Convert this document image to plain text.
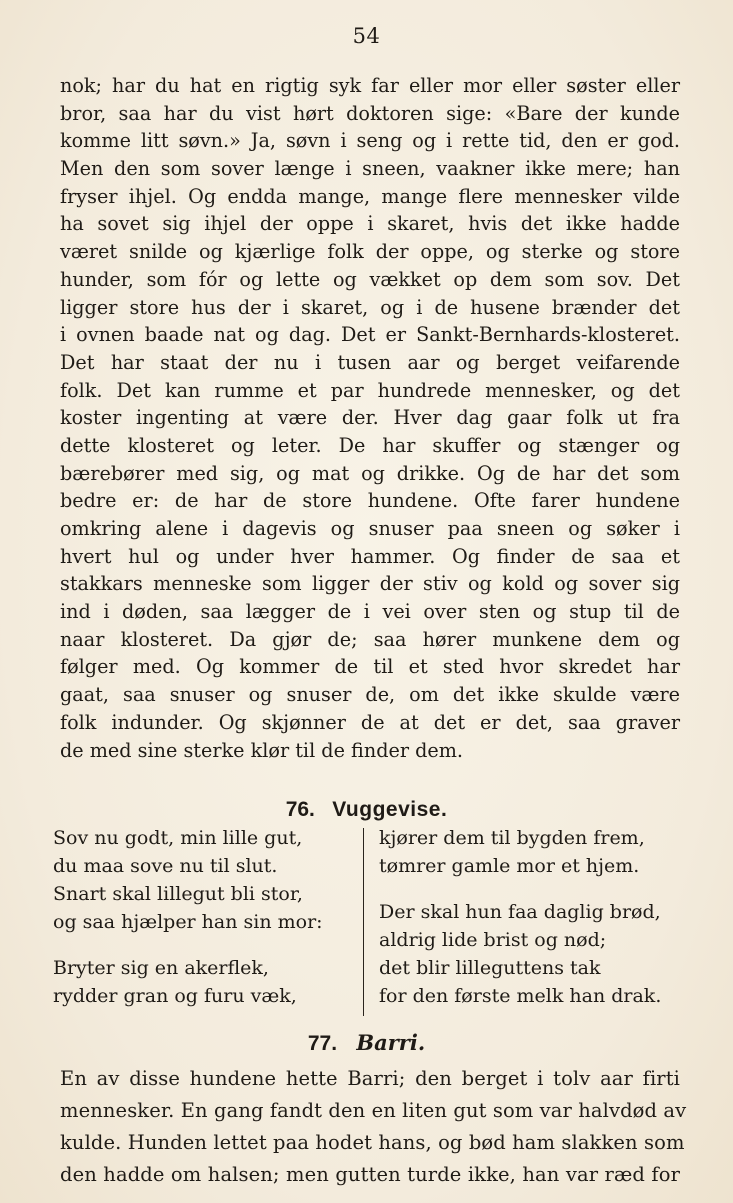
54
nok; har du hat en rigtig syk far eller mor eller søster eller
bror, saa har du vist hørt doktoren sige: «Bare der kunde
komme litt søvn.» Ja, søvn i seng og i rette tid, den er god.
Men den som sover længe i sneen, vaakner ikke mere; han
fryser ihjel. Og endda mange, mange flere mennesker vilde
ha sovet sig ihjel der oppe i skaret, hvis det ikke hadde
været snilde og kjærlige folk der oppe, og sterke og store
hunder, som fór og lette og vækket op dem som sov. Det
ligger store hus der i skaret, og i de husene brænder det
i ovnen baade nat og dag. Det er Sankt-Bernhards-klosteret.
Det har staat der nu i tusen aar og berget veifarende
folk. Det kan rumme et par hundrede mennesker, og det
koster ingenting at være der. Hver dag gaar folk ut fra
dette klosteret og leter. De har skuffer og stænger og
bærebører med sig, og mat og drikke. Og de har det som
bedre er: de har de store hundene. Ofte farer hundene
omkring alene i dagevis og snuser paa sneen og søker i
hvert hul og under hver hammer. Og finder de saa et
stakkars menneske som ligger der stiv og kold og sover sig
ind i døden, saa lægger de i vei over sten og stup til de
naar klosteret. Da gjør de; saa hører munkene dem og
følger med. Og kommer de til et sted hvor skredet har
gaat, saa snuser og snuser de, om det ikke skulde være
folk indunder. Og skjønner de at det er det, saa graver
de med sine sterke klør til de finder dem.
76. Vuggevise.
Sov nu godt, min lille gut,
du maa sove nu til slut.
Snart skal lillegut bli stor,
og saa hjælper han sin mor:
Bryter sig en akerflek,
rydder gran og furu væk,
kjører dem til bygden frem,
tømrer gamle mor et hjem.
Der skal hun faa daglig brød,
aldrig lide brist og nød;
det blir lilleguttens tak
for den første melk han drak.
77. Barri.
En av disse hundene hette Barri; den berget i tolv aar firti
mennesker. En gang fandt den en liten gut som var halvdød av
kulde. Hunden lettet paa hodet hans, og bød ham slakken som
den hadde om halsen; men gutten turde ikke, han var ræd for
